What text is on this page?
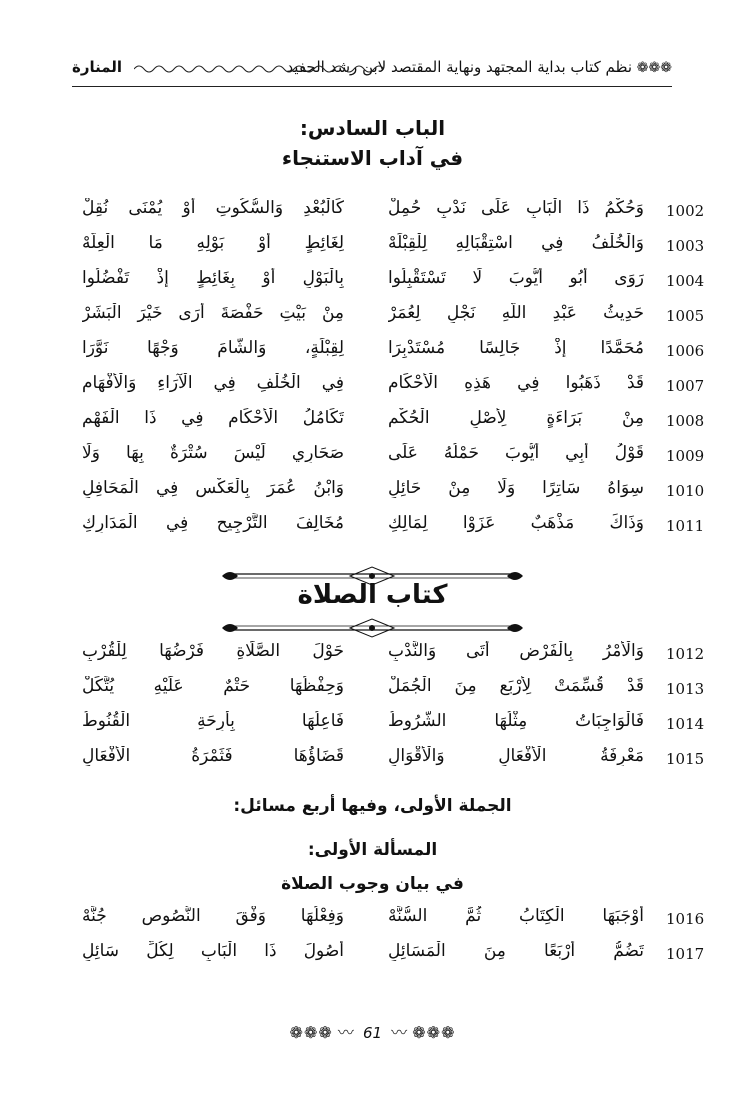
❁❁❁ نظم كتاب بداية المجتهد ونهاية المقتصد لابن رشد الحفيد
المنارة
الباب السادس:
في آداب الاستنجاء
1002
وَحُكْمُ ذَا الْبَابِ عَلَى نَدْبٍ حُمِلْ
كَالْبُعْدِ وَالسُّكُوتِ أَوْ يُمْنَى نُقِلْ
1003
وَالْخُلْفُ فِي اسْتِقْبَالِهِ لِلْقِبْلَهْ
لِغَائِطٍ أَوْ بَوْلِهِ مَا الْعِلَّهْ
1004
رَوَى أَبُو أَيُّوبَ لَا تَسْتَقْبِلُوا
بِالْبَوْلِ أَوْ بِغَائِطٍ إِذْ تَفْضُلُوا
1005
حَدِيثُ عَبْدِ اللَّهِ نَجْلِ لِعُمَرْ
مِنْ بَيْتِ حَفْصَةَ أَرَى خَيْرَ الْبَشَرْ
1006
مُحَمَّدًا إِذْ جَالِسًا مُسْتَدْبِرَا
لِقِبْلَةٍ، وَالشَّامَ وَجْهًا نَوَّرَا
1007
قَدْ ذَهَبُوا فِي هَذِهِ الْأَحْكَامِ
فِي الْخُلْفِ فِي الْآرَاءِ وَالْأَفْهَامِ
1008
مِنْ بَرَاءَةٍ لِأَصْلِ الْحُكْمِ
تَكَامُلُ الْأَحْكَامِ فِي ذَا الْفَهْمِ
1009
قَوْلُ أَبِي أَيُّوبَ حَمْلُهُ عَلَى
صَحَارِي لَيْسَ سُتْرَةٌ بِهَا وَلَا
1010
سِوَاهُ سَاتِرًا وَلَا مِنْ حَائِلِ
وَابْنُ عُمَرَ بِالْعَكْسِ فِي الْمَحَافِلِ
1011
وَذَاكَ مَذْهَبٌ عَزَوْا لِمَالِكِ
مُخَالِفَ التَّرْجِيحِ فِي الْمَدَارِكِ
كتاب الصلاة
1012
وَالْأَمْرُ بِالْفَرْضِ أَتَى وَالنَّدْبِ
حَوْلَ الصَّلَاةِ فَرْضُهَا لِلْقُرْبِ
1013
قَدْ قُسِّمَتْ لِأَرْبَعٍ مِنَ الْجُمَلْ
وَحِفْظُهَا حَتْمٌ عَلَيْهِ يُتَّكَلْ
1014
فَالْوَاجِبَاتُ مِثْلُهَا الشُّرُوطُ
فَاعِلُهَا بِأَرِحَةِ الْقُنُوطُ
1015
مَعْرِفَةُ الْأَفْعَالِ وَالْأَقْوَالِ
قَضَاؤُهَا فَثَمْرَةُ الْأَفْعَالِ
الجملة الأولى، وفيها أربع مسائل:
المسألة الأولى:
في بيان وجوب الصلاة
1016
أَوْجَبَهَا الْكِتَابُ ثُمَّ السُّنَّهْ
وَفِعْلُهَا وَفْقَ النُّصُوصِ جُنَّهْ
1017
تَضُمُّ أَرْبَعًا مِنَ الْمَسَائِلِ
أُصُولَ ذَا الْبَابِ لِكُلِّ سَائِلِ
❁❁❁ 〰 61 〰 ❁❁❁
